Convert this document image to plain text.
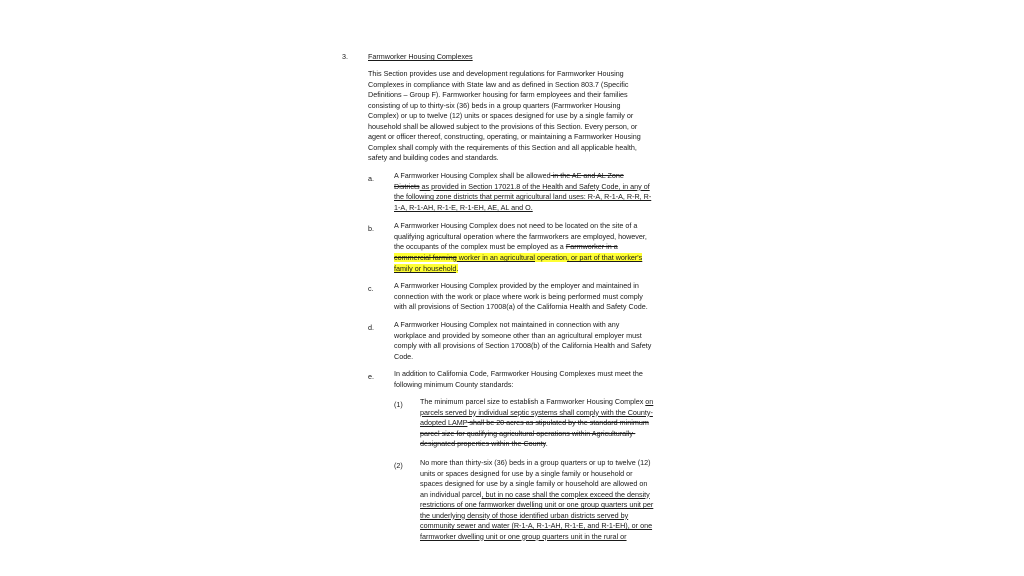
3.	Farmworker Housing Complexes
This Section provides use and development regulations for Farmworker Housing
Complexes in compliance with State law and as defined in Section 803.7 (Specific
Definitions – Group F). Farmworker housing for farm employees and their families
consisting of up to thirty-six (36) beds in a group quarters (Farmworker Housing
Complex) or up to twelve (12) units or spaces designed for use by a single family or
household shall be allowed subject to the provisions of this Section. Every person, or
agent or officer thereof, constructing, operating, or maintaining a Farmworker Housing
Complex shall comply with the requirements of this Section and all applicable health,
safety and building codes and standards.
a.	A Farmworker Housing Complex shall be allowed in the AE and AL Zone
Districts as provided in Section 17021.8 of the Health and Safety Code, in any of
the following zone districts that permit agricultural land uses: R-A, R-1-A, R-R, R-
1-A, R-1-AH, R-1-E, R-1-EH, AE, AL and O.
b.	A Farmworker Housing Complex does not need to be located on the site of a
qualifying agricultural operation where the farmworkers are employed, however,
the occupants of the complex must be employed as a Farmworker in a
commercial farming worker in an agricultural operation, or part of that worker's
family or household.
c.	A Farmworker Housing Complex provided by the employer and maintained in
connection with the work or place where work is being performed must comply
with all provisions of Section 17008(a) of the California Health and Safety Code.
d.	A Farmworker Housing Complex not maintained in connection with any
workplace and provided by someone other than an agricultural employer must
comply with all provisions of Section 17008(b) of the California Health and Safety
Code.
e.	In addition to California Code, Farmworker Housing Complexes must meet the
following minimum County standards:
(1) The minimum parcel size to establish a Farmworker Housing Complex on
parcels served by individual septic systems shall comply with the County-
adopted LAMP shall be 20 acres as stipulated by the standard minimum
parcel size for qualifying agricultural operations within Agriculturally-
designated properties within the County.
(2) No more than thirty-six (36) beds in a group quarters or up to twelve (12)
units or spaces designed for use by a single family or household or
spaces designed for use by a single family or household are allowed on
an individual parcel, but in no case shall the complex exceed the density
restrictions of one farmworker dwelling unit or one group quarters unit per
the underlying density of those identified urban districts served by
community sewer and water (R-1-A, R-1-AH, R-1-E, and R-1-EH), or one
farmworker dwelling unit or one group quarters unit in the rural or
